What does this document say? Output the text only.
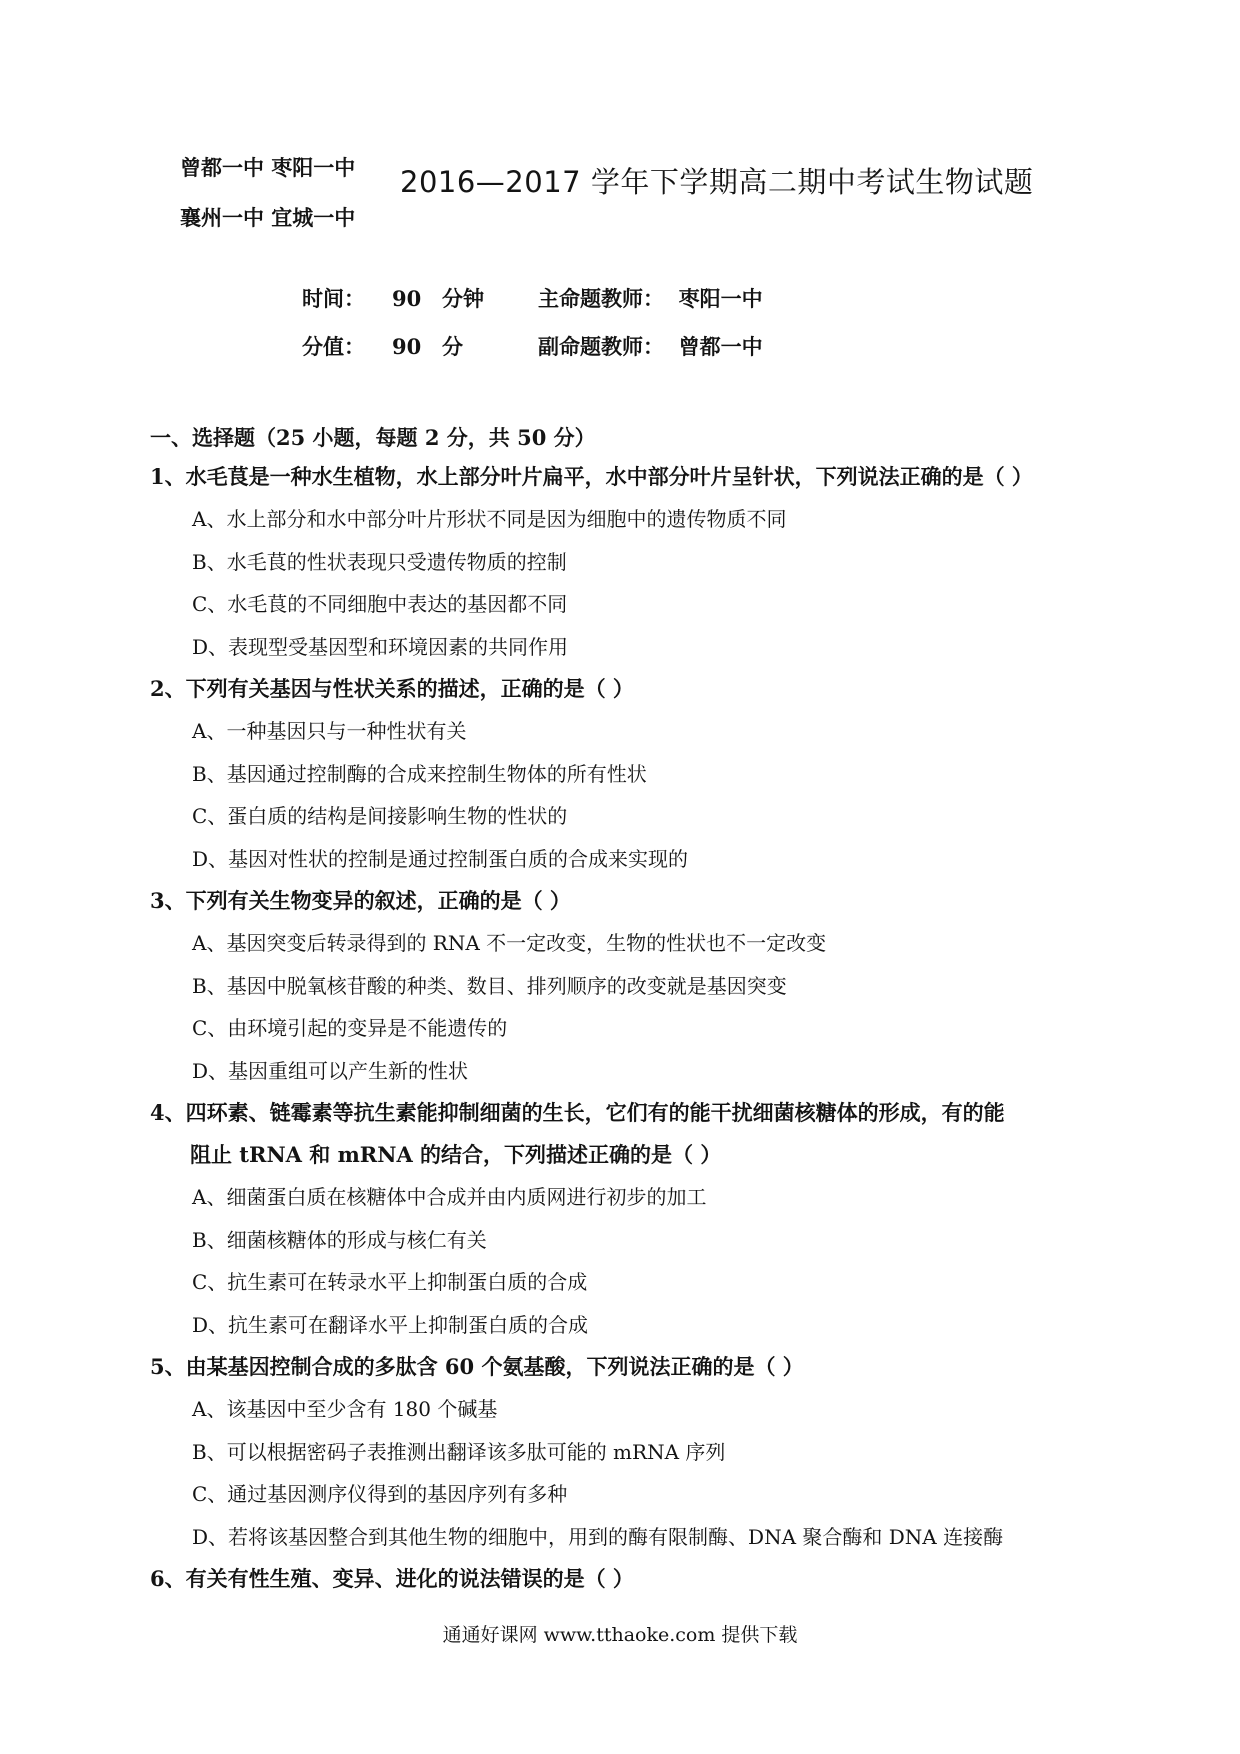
曾都一中 枣阳一中
襄州一中 宜城一中
2016—2017 学年下学期高二期中考试生物试题
时间： 90 分钟
分值： 90 分
主命题教师： 枣阳一中
副命题教师： 曾都一中
一、选择题（25 小题，每题 2 分，共 50 分）
1、水毛茛是一种水生植物，水上部分叶片扁平，水中部分叶片呈针状，下列说法正确的是（ ）
A、水上部分和水中部分叶片形状不同是因为细胞中的遗传物质不同
B、水毛茛的性状表现只受遗传物质的控制
C、水毛茛的不同细胞中表达的基因都不同
D、表现型受基因型和环境因素的共同作用
2、下列有关基因与性状关系的描述，正确的是（ ）
A、一种基因只与一种性状有关
B、基因通过控制酶的合成来控制生物体的所有性状
C、蛋白质的结构是间接影响生物的性状的
D、基因对性状的控制是通过控制蛋白质的合成来实现的
3、下列有关生物变异的叙述，正确的是（ ）
A、基因突变后转录得到的 RNA 不一定改变，生物的性状也不一定改变
B、基因中脱氧核苷酸的种类、数目、排列顺序的改变就是基因突变
C、由环境引起的变异是不能遗传的
D、基因重组可以产生新的性状
4、四环素、链霉素等抗生素能抑制细菌的生长，它们有的能干扰细菌核糖体的形成，有的能
阻止 tRNA 和 mRNA 的结合，下列描述正确的是（ ）
A、细菌蛋白质在核糖体中合成并由内质网进行初步的加工
B、细菌核糖体的形成与核仁有关
C、抗生素可在转录水平上抑制蛋白质的合成
D、抗生素可在翻译水平上抑制蛋白质的合成
5、由某基因控制合成的多肽含 60 个氨基酸，下列说法正确的是（ ）
A、该基因中至少含有 180 个碱基
B、可以根据密码子表推测出翻译该多肽可能的 mRNA 序列
C、通过基因测序仪得到的基因序列有多种
D、若将该基因整合到其他生物的细胞中，用到的酶有限制酶、DNA 聚合酶和 DNA 连接酶
6、有关有性生殖、变异、进化的说法错误的是（ ）
通通好课网 www.tthaoke.com 提供下载
